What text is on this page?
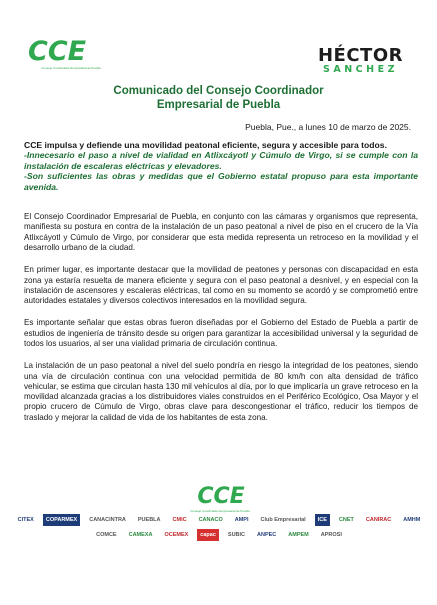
C C E
Consejo Coordinador Empresarial de Puebla
HÉCTOR
SANCHEZ
Comunicado del Consejo Coordinador
Empresarial de Puebla
Puebla, Pue., a lunes 10 de marzo de 2025.

CCE impulsa y defiende una movilidad peatonal eficiente, segura y accesible para todos.

-Innecesario el paso a nivel de vialidad en Atlixcáyotl y Cúmulo de Virgo, si se cumple con la instalación de escaleras eléctricas y elevadores.

-Son suficientes las obras y medidas que el Gobierno estatal propuso para esta importante avenida.

El Consejo Coordinador Empresarial de Puebla, en conjunto con las cámaras y organismos que representa, manifiesta su postura en contra de la instalación de un paso peatonal a nivel de piso en el crucero de la Vía Atlixcáyotl y Cúmulo de Virgo, por considerar que esta medida representa un retroceso en la movilidad y el desarrollo urbano de la ciudad.

En primer lugar, es importante destacar que la movilidad de peatones y personas con discapacidad en esta zona ya estaría resuelta de manera eficiente y segura con el paso peatonal a desnivel, y en especial con la instalación de ascensores y escaleras eléctricas, tal como en su momento se acordó y se comprometió entre autoridades estatales y diversos colectivos interesados en la movilidad segura.

Es importante señalar que estas obras fueron diseñadas por el Gobierno del Estado de Puebla a partir de estudios de ingeniería de tránsito desde su origen para garantizar la accesibilidad universal y la seguridad de todos los usuarios, al ser una vialidad primaria de circulación continua.

La instalación de un paso peatonal a nivel del suelo pondría en riesgo la integridad de los peatones, siendo una vía de circulación continua con una velocidad permitida de 80 km/h con alta densidad de tráfico vehicular, se estima que circulan hasta 130 mil vehículos al día, por lo que implicaría un grave retroceso en la movilidad alcanzada gracias a los distribuidores viales construidos en el Periférico Ecológico, Osa Mayor y el propio crucero de Cúmulo de Virgo, obras clave para descongestionar el tráfico, reducir los tiempos de traslado y mejorar la calidad de vida de los habitantes de esta zona.

C C E
Consejo Coordinador Empresarial de Puebla
CITEX	COPARMEX	CANACINTRA	PUEBLA	CMIC	CANACO	AMPI	Club Empresarial	ICE	CNET	CANIRAC	AMHM
COMCE	CAMEXA	OCEMEX	capac	SUBIC	ANPEC	AMPEM	APROSI
